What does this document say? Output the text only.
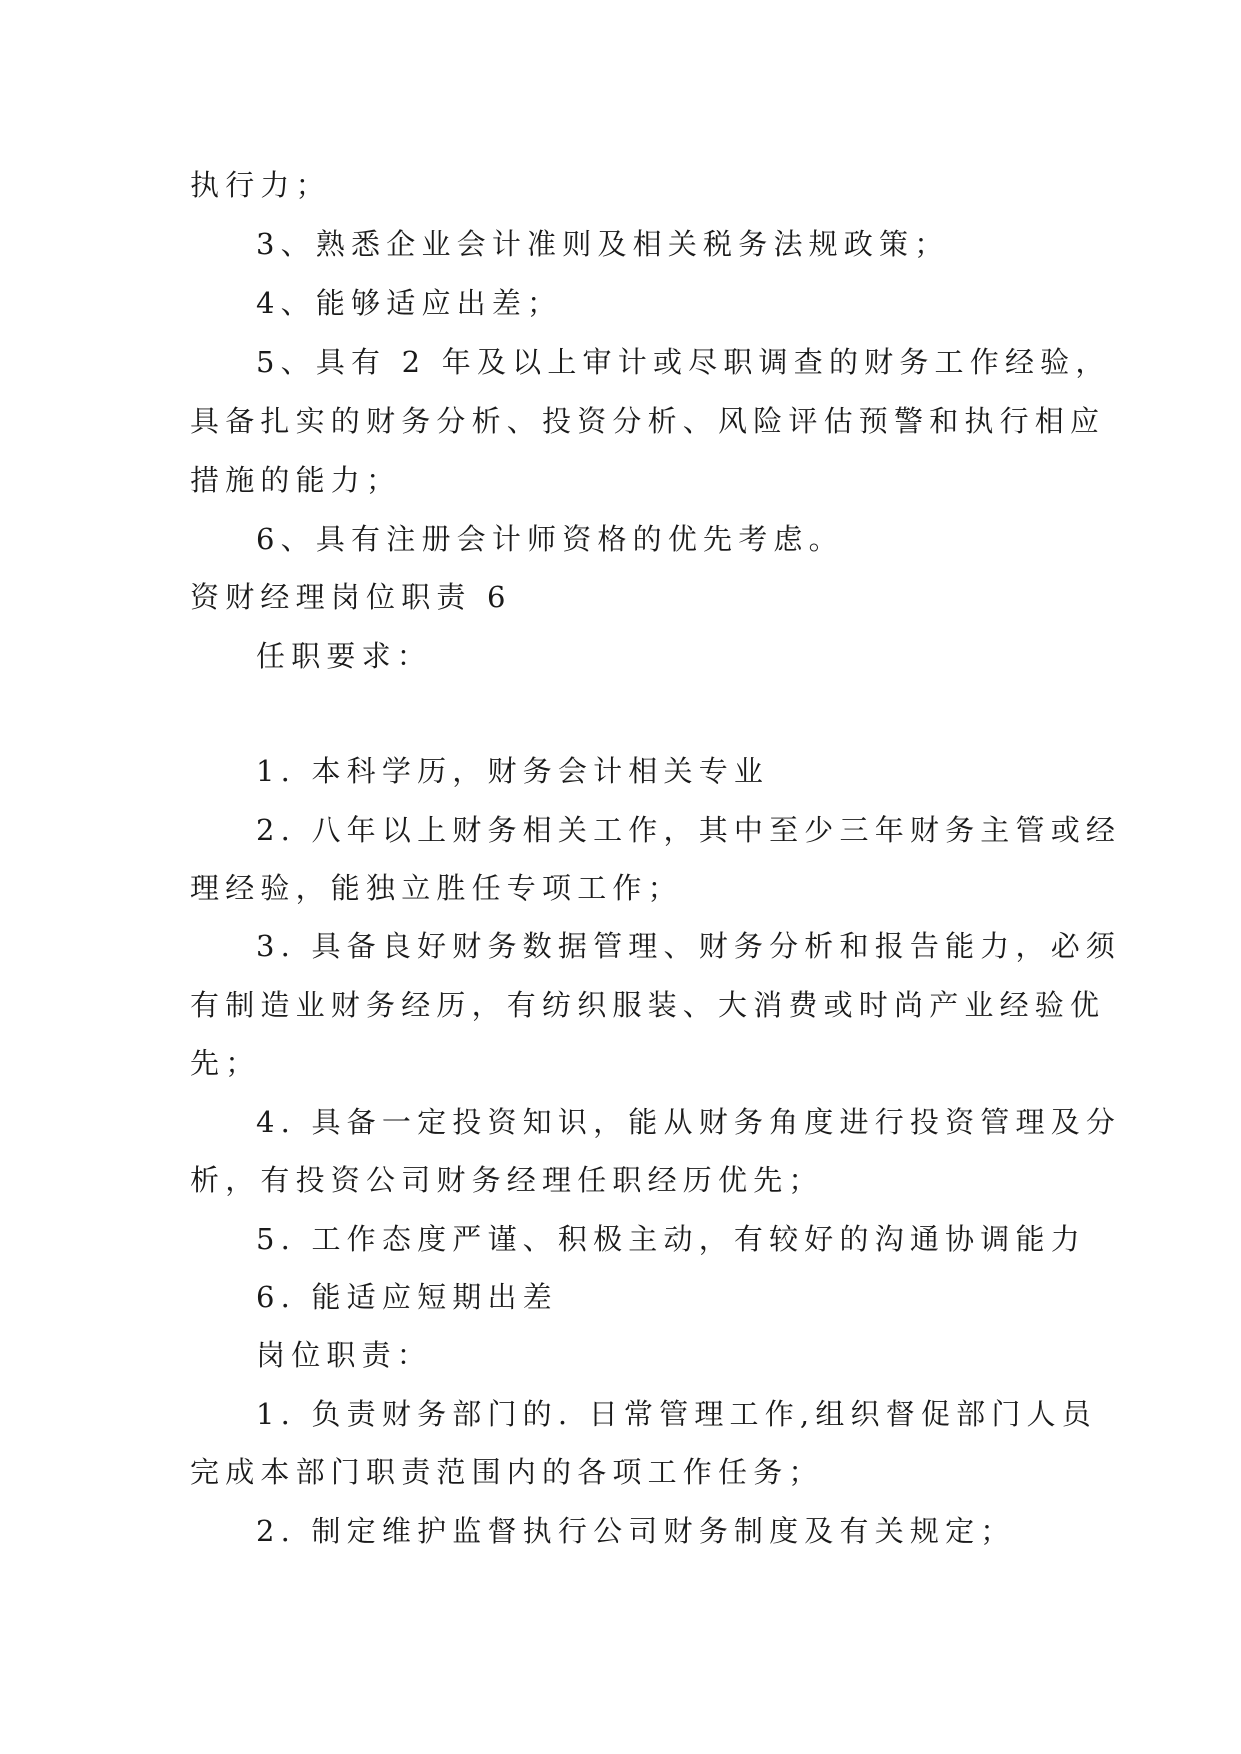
执行力；
3、熟悉企业会计准则及相关税务法规政策；
4、能够适应出差；
5、具有 2 年及以上审计或尽职调查的财务工作经验，
具备扎实的财务分析、投资分析、风险评估预警和执行相应
措施的能力；
6、具有注册会计师资格的优先考虑。
资财经理岗位职责 6
任职要求：
1. 本科学历，财务会计相关专业
2. 八年以上财务相关工作，其中至少三年财务主管或经
理经验，能独立胜任专项工作；
3. 具备良好财务数据管理、财务分析和报告能力，必须
有制造业财务经历，有纺织服装、大消费或时尚产业经验优
先；
4. 具备一定投资知识，能从财务角度进行投资管理及分
析，有投资公司财务经理任职经历优先；
5. 工作态度严谨、积极主动，有较好的沟通协调能力
6. 能适应短期出差
岗位职责：
1. 负责财务部门的. 日常管理工作,组织督促部门人员
完成本部门职责范围内的各项工作任务；
2. 制定维护监督执行公司财务制度及有关规定；
